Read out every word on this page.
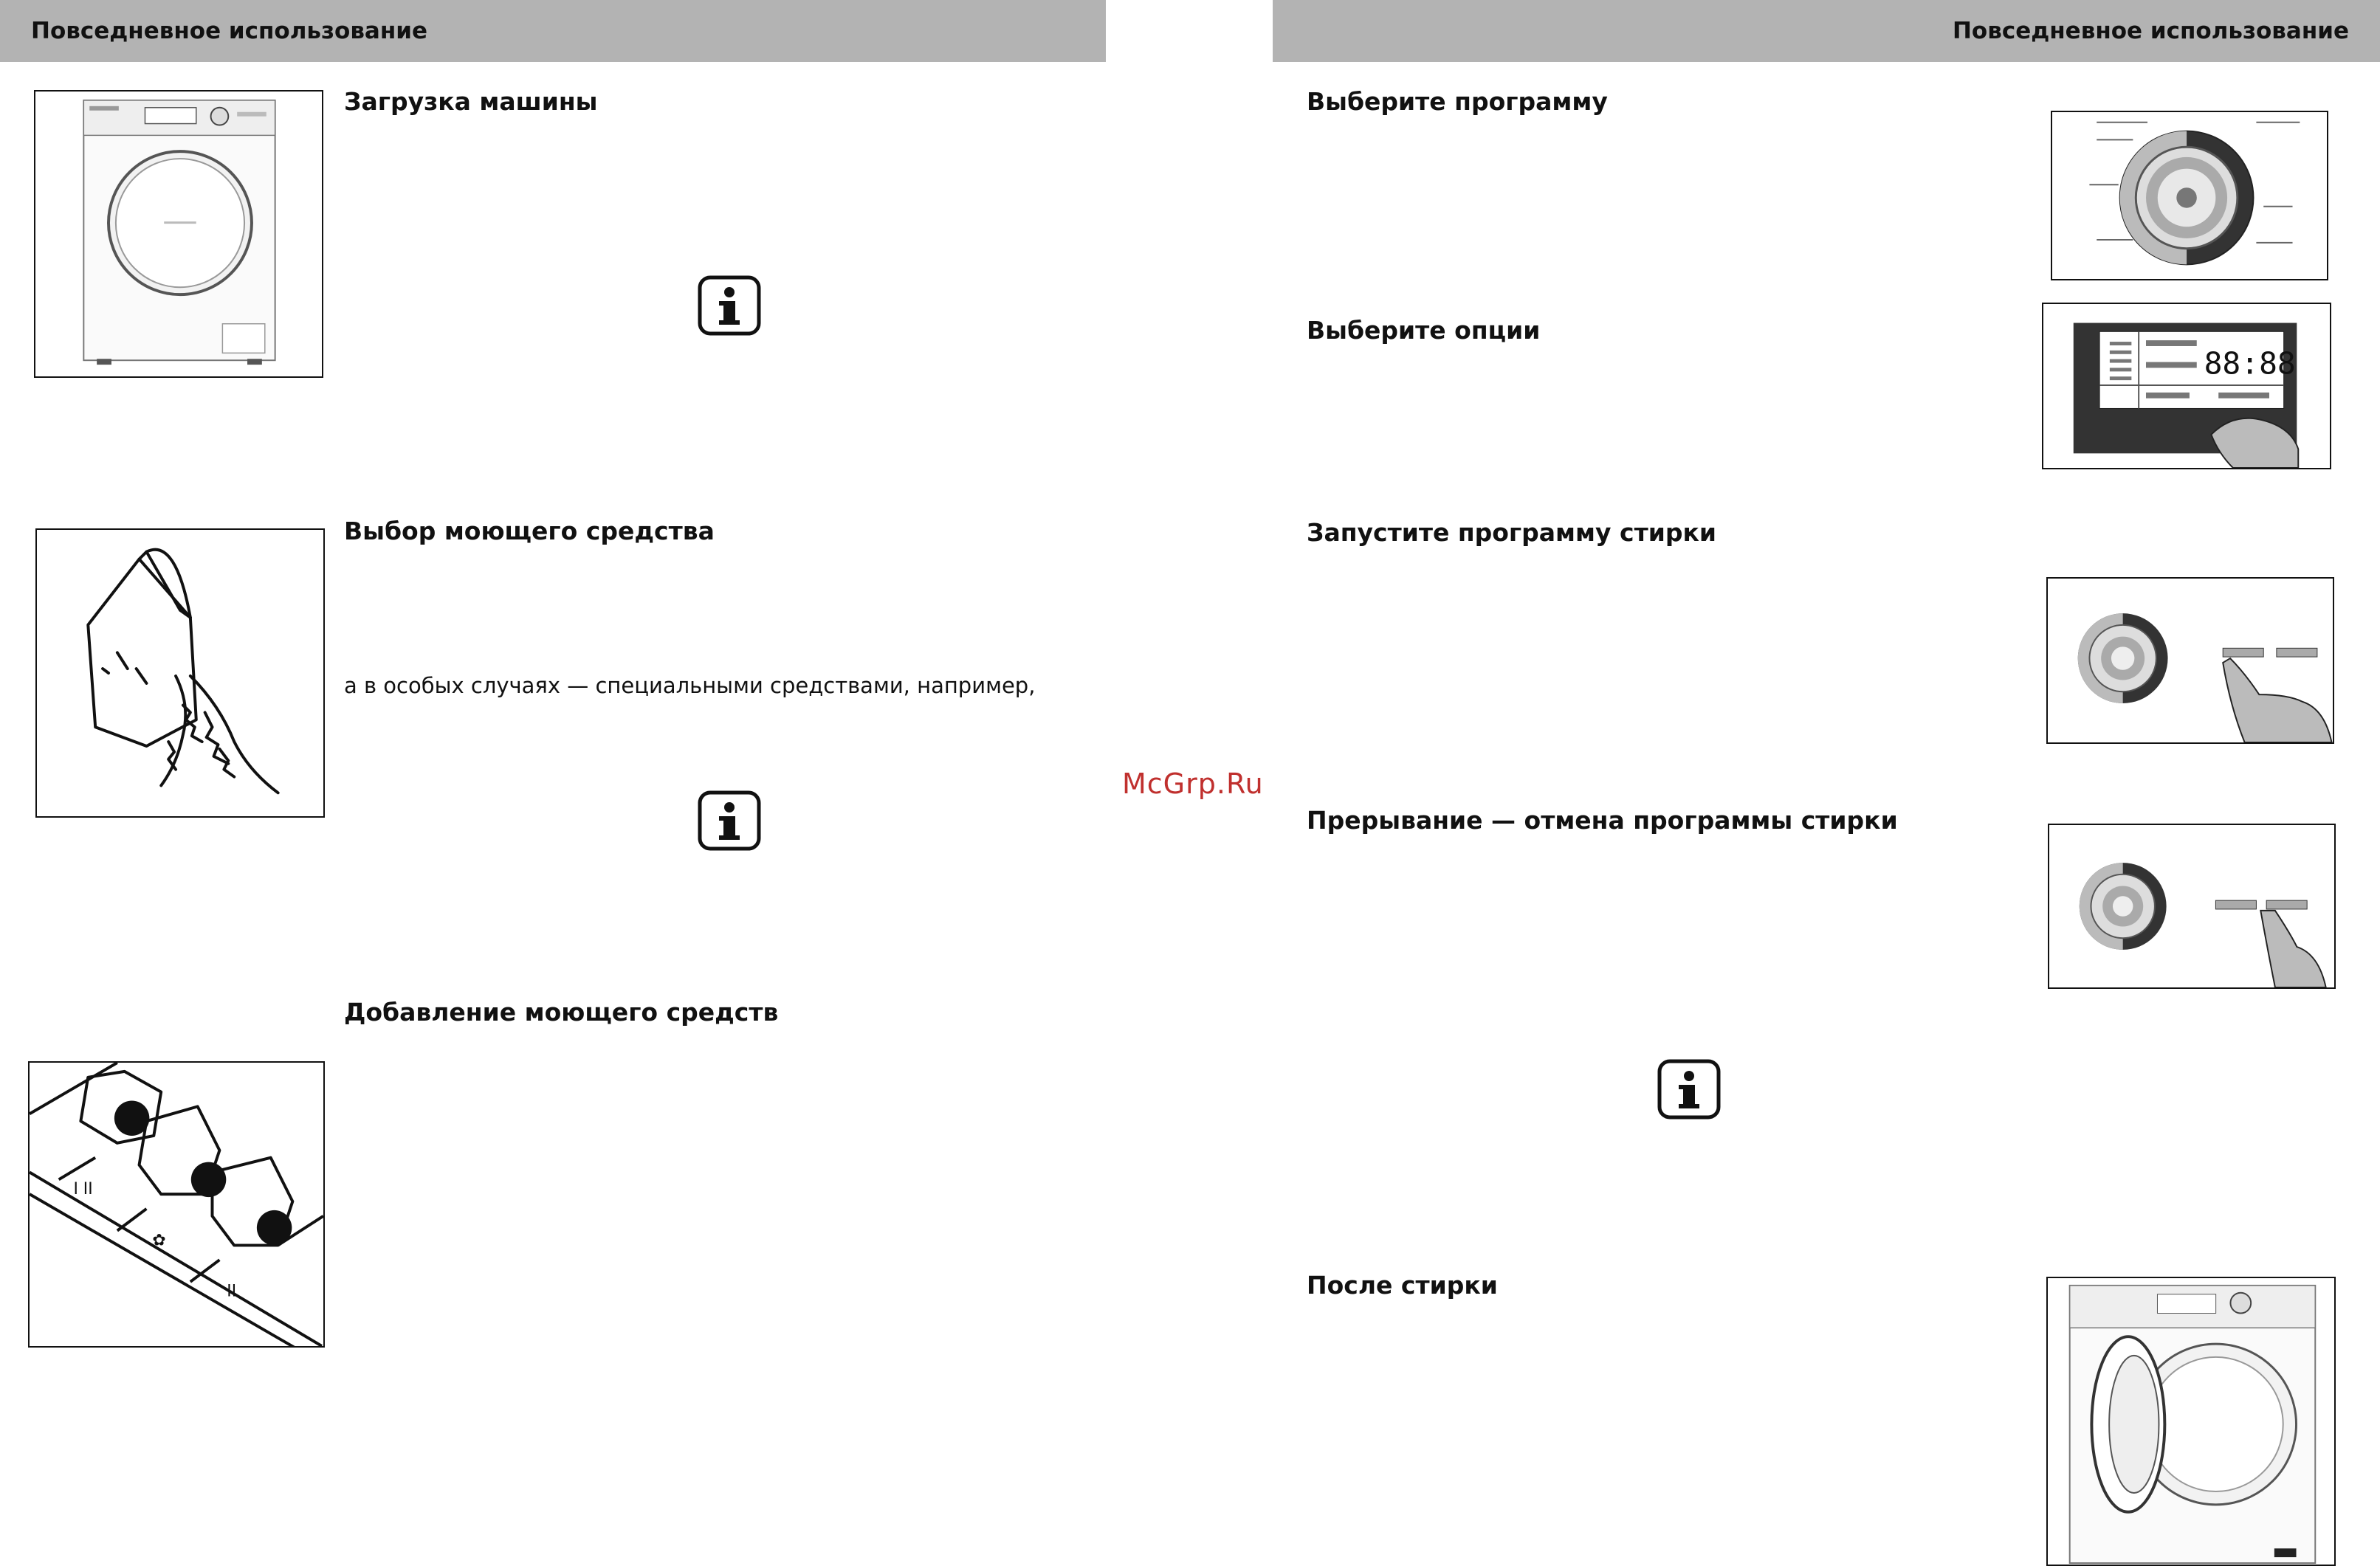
Повседневное использование	Повседневное использование
Загрузка машины
Выбор моющего средства
а в особых случаях — специальными средствами, например,
Добавление моющего средств
I II
✿
II
McGrp.Ru
Выберите программу
Выберите опции
88:88
Запустите программу стирки
Прерывание — отмена программы стирки
После стирки
